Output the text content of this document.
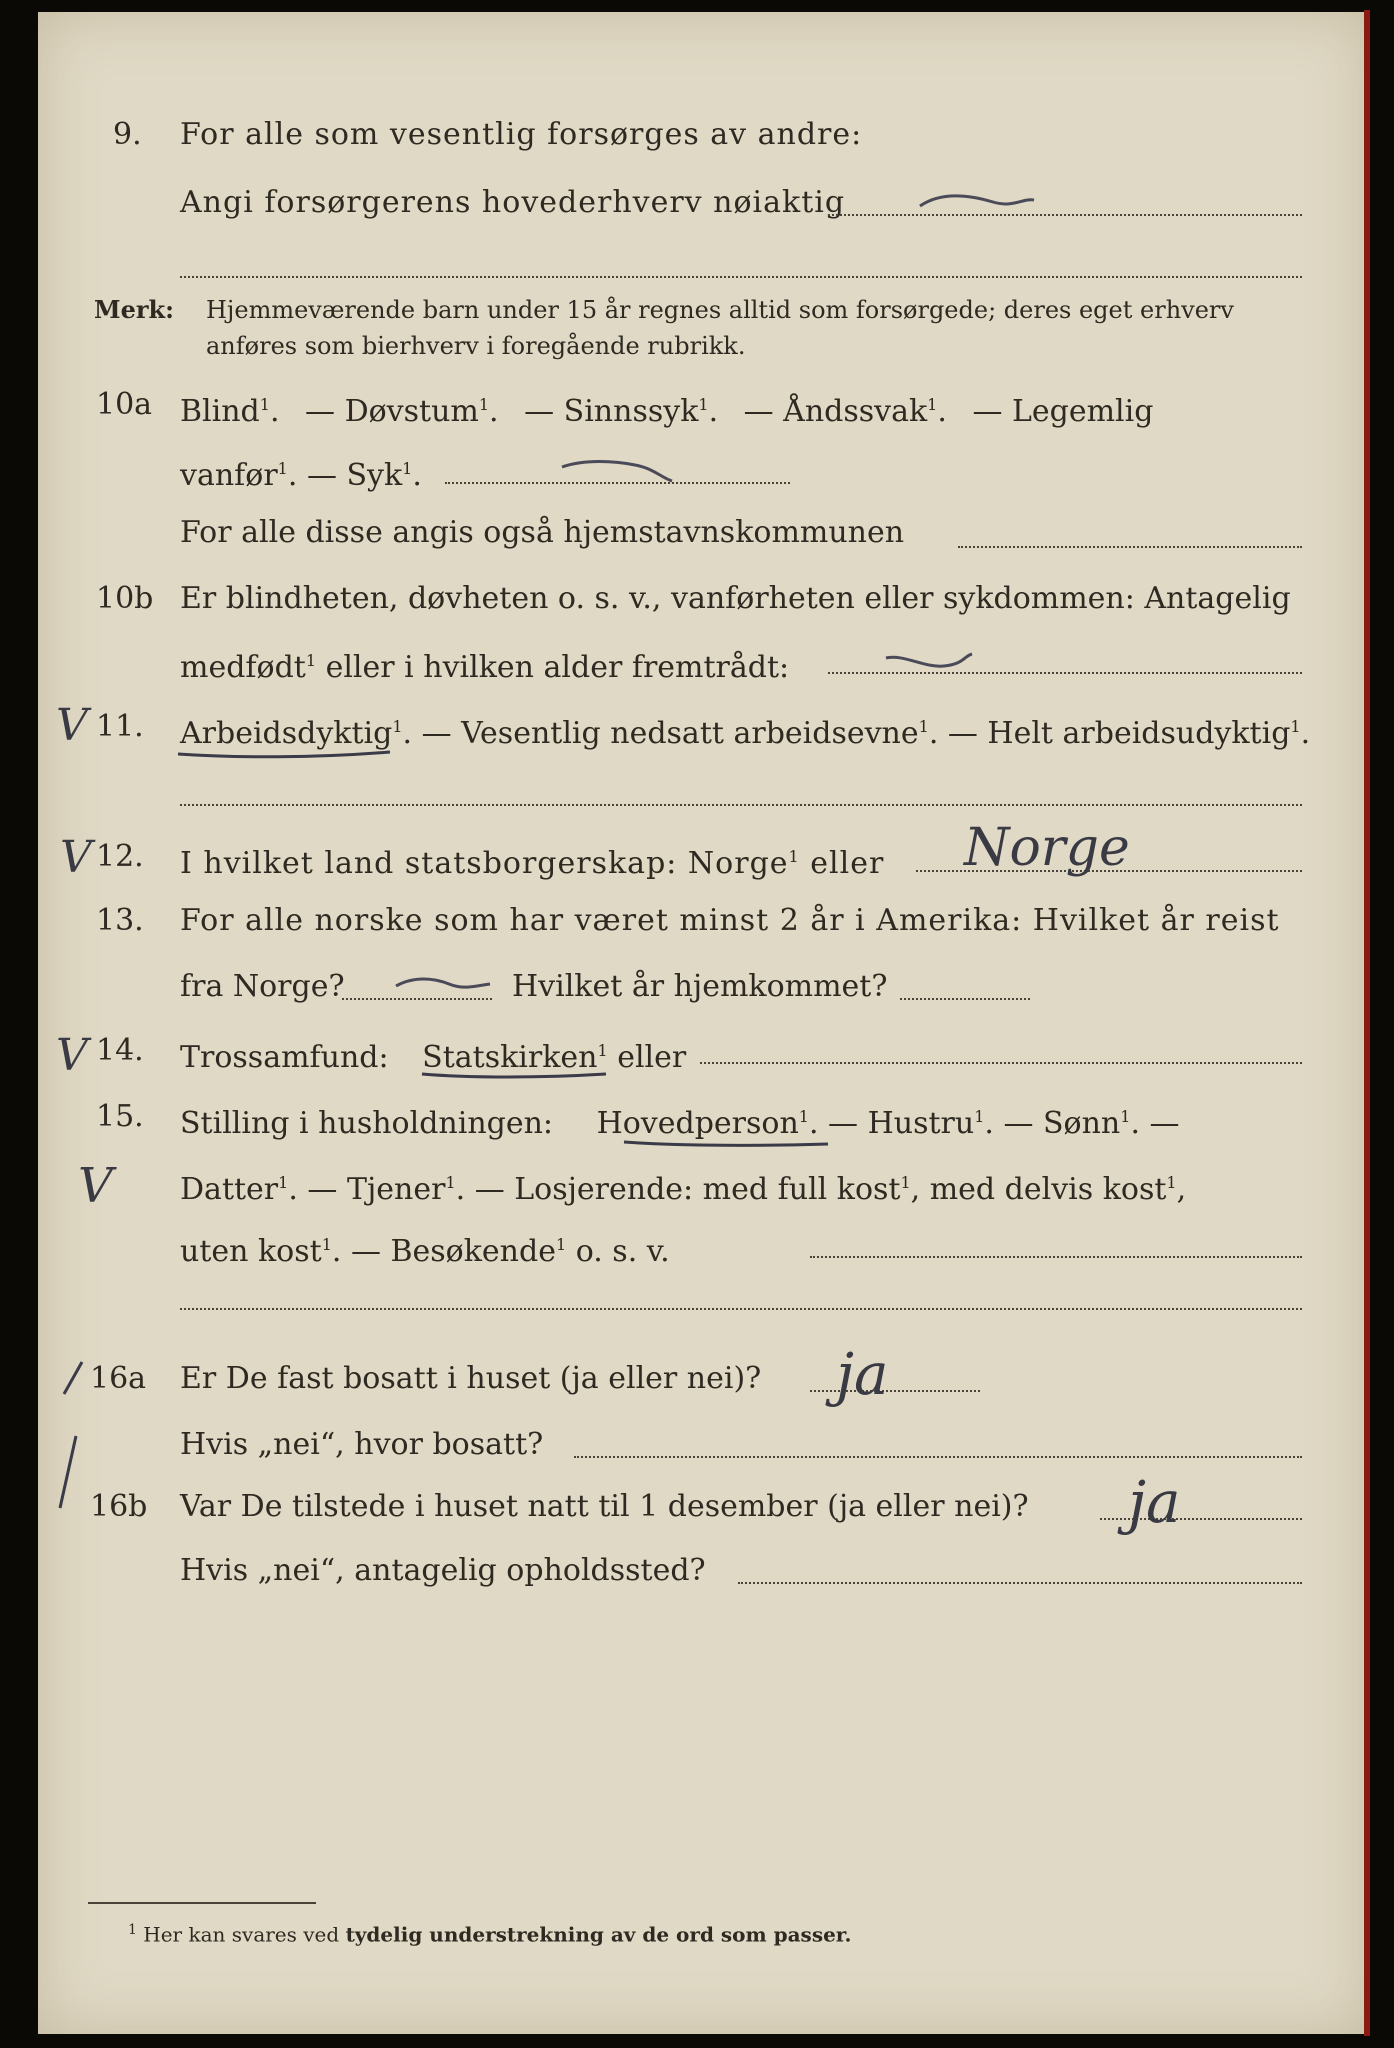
9. For alle som vesentlig forsørges av andre:
Angi forsørgerens hovederhverv nøiaktig
Merk: Hjemmeværende barn under 15 år regnes alltid som forsørgede; deres eget erhverv
anføres som bierhverv i foregående rubrikk.
10a Blind$^1$. — Døvstum$^1$. — Sinnssyk$^1$. — Åndssvak$^1$. — Legemlig
vanfør$^1$. — Syk$^1$.
For alle disse angis også hjemstavnskommunen
10b Er blindheten, døvheten o. s. v., vanførheten eller sykdommen: Antagelig
medfødt$^1$ eller i hvilken alder fremtrådt:
V 11. Arbeidsdyktig$^1$. — Vesentlig nedsatt arbeidsevne$^1$. — Helt arbeidsudyktig$^1$.
V 12. I hvilket land statsborgerskap: Norge$^1$ eller Norge
13. For alle norske som har været minst 2 år i Amerika: Hvilket år reist
fra Norge?	Hvilket år hjemkommet?
V 14. Trossamfund: Statskirken$^1$ eller
15. Stilling i husholdningen: Hovedperson$^1$. — Hustru$^1$. — Sønn$^1$. —
V Datter$^1$. — Tjener$^1$. — Losjerende: med full kost$^1$, med delvis kost$^1$,
uten kost$^1$. — Besøkende$^1$ o. s. v.
16a Er De fast bosatt i huset (ja eller nei)? ja
Hvis „nei“, hvor bosatt?
16b Var De tilstede i huset natt til 1 desember (ja eller nei)? ja
Hvis „nei“, antagelig opholdssted?
$^1$ Her kan svares ved tydelig understrekning av de ord som passer.
